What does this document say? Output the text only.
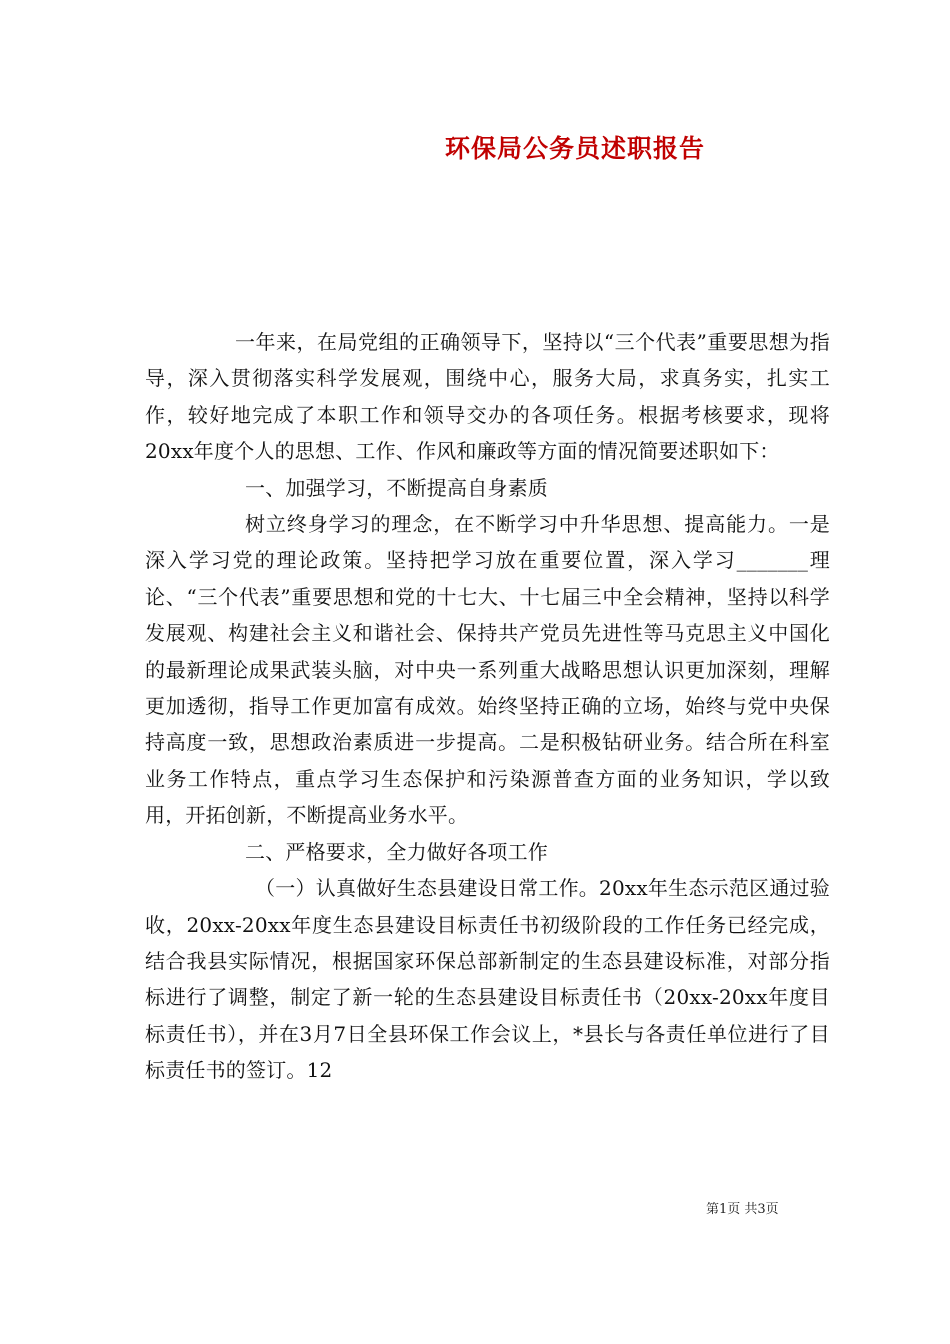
环保局公务员述职报告

一年来，在局党组的正确领导下，坚持以“三个代表”重要思想为指导，深入贯彻落实科学发展观，围绕中心，服务大局，求真务实，扎实工作，较好地完成了本职工作和领导交办的各项任务。根据考核要求，现将20xx年度个人的思想、工作、作风和廉政等方面的情况简要述职如下：

一、加强学习，不断提高自身素质

树立终身学习的理念，在不断学习中升华思想、提高能力。一是深入学习党的理论政策。坚持把学习放在重要位置，深入学习_______理论、“三个代表”重要思想和党的十七大、十七届三中全会精神，坚持以科学发展观、构建社会主义和谐社会、保持共产党员先进性等马克思主义中国化的最新理论成果武装头脑，对中央一系列重大战略思想认识更加深刻，理解更加透彻，指导工作更加富有成效。始终坚持正确的立场，始终与党中央保持高度一致，思想政治素质进一步提高。二是积极钻研业务。结合所在科室业务工作特点，重点学习生态保护和污染源普查方面的业务知识，学以致用，开拓创新，不断提高业务水平。

二、严格要求，全力做好各项工作

（一）认真做好生态县建设日常工作。20xx年生态示范区通过验收，20xx-20xx年度生态县建设目标责任书初级阶段的工作任务已经完成，结合我县实际情况，根据国家环保总部新制定的生态县建设标准，对部分指标进行了调整，制定了新一轮的生态县建设目标责任书（20xx-20xx年度目标责任书），并在3月7日全县环保工作会议上，*县长与各责任单位进行了目标责任书的签订。12

第1页 共3页
